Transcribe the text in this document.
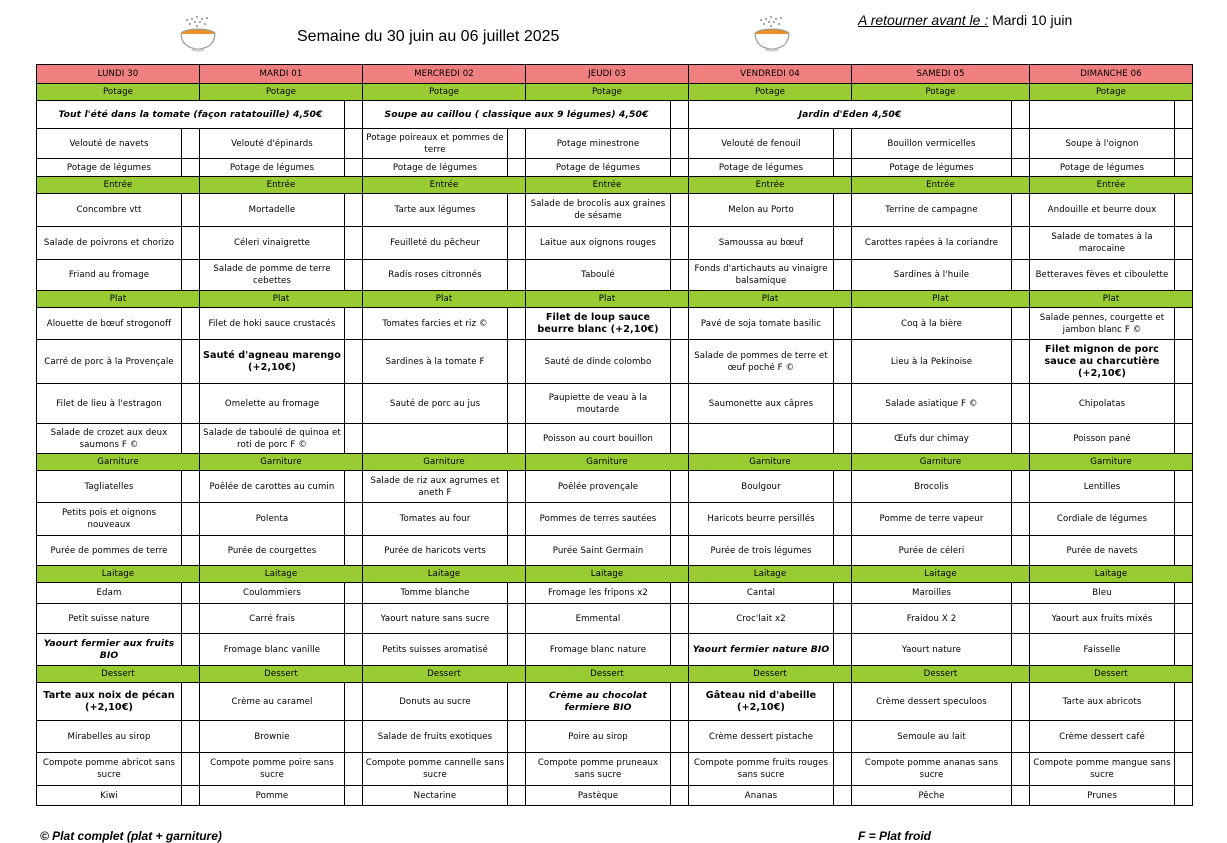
Semaine du 30 juin au 06 juillet 2025
A retourner avant le : Mardi 10 juin
LUNDI 30		MARDI 01		MERCREDI 02		JEUDI 03		VENDREDI 04		SAMEDI 05		DIMANCHE 06	
Potage		Potage		Potage		Potage		Potage		Potage		Potage	
Tout l'été dans la tomate (façon ratatouille) 4,50€				Soupe au caillou ( classique aux 9 légumes) 4,50€				Jardin d'Eden 4,50€					
Velouté de navets		Velouté d'épinards		Potage poireaux et pommes de terre		Potage minestrone		Velouté de fenouil		Bouillon vermicelles		Soupe à l'oignon	
Potage de légumes		Potage de légumes		Potage de légumes		Potage de légumes		Potage de légumes		Potage de légumes		Potage de légumes	
Entrée		Entrée		Entrée		Entrée		Entrée		Entrée		Entrée	
Concombre vtt		Mortadelle		Tarte aux légumes		Salade de brocolis aux graines de sésame		Melon au Porto		Terrine de campagne		Andouille et beurre doux	
Salade de poivrons et chorizo		Céleri vinaigrette		Feuilleté du pêcheur		Laitue aux oignons rouges		Samoussa au bœuf		Carottes rapées à la coriandre		Salade de tomates à la marocaine	
Friand au fromage		Salade de pomme de terre cebettes		Radis roses citronnés		Taboulé		Fonds d'artichauts au vinaigre balsamique		Sardines à l'huile		Betteraves fèves et ciboulette	
Plat		Plat		Plat		Plat		Plat		Plat		Plat	
Alouette de bœuf strogonoff		Filet de hoki sauce crustacés		Tomates farcies et riz ©		Filet de loup sauce beurre blanc (+2,10€)		Pavé de soja tomate basilic		Coq à la bière		Salade pennes, courgette et jambon blanc F ©	
Carré de porc à la Provençale		Sauté d'agneau marengo (+2,10€)		Sardines à la tomate F		Sauté de dinde colombo		Salade de pommes de terre et œuf poché F ©		Lieu à la Pekinoise		Filet mignon de porc sauce au charcutière (+2,10€)	
Filet de lieu à l'estragon		Omelette au fromage		Sauté de porc au jus		Paupiette de veau à la moutarde		Saumonette aux câpres		Salade asiatique F ©		Chipolatas	
Salade de crozet aux deux saumons F ©		Salade de taboulé de quinoa et roti de porc F ©				Poisson au court bouillon				Œufs dur chimay		Poisson pané	
Garniture		Garniture		Garniture		Garniture		Garniture		Garniture		Garniture	
Tagliatelles		Poêlée de carottes au cumin		Salade de riz aux agrumes et aneth F		Poêlée provençale		Boulgour		Brocolis		Lentilles	
Petits pois et oignons nouveaux		Polenta		Tomates au four		Pommes de terres sautées		Haricots beurre persillés		Pomme de terre vapeur		Cordiale de légumes	
Purée de pommes de terre		Purée de courgettes		Purée de haricots verts		Purée Saint Germain		Purée de trois légumes		Purée de céleri		Purée de navets	
Laitage		Laitage		Laitage		Laitage		Laitage		Laitage		Laitage	
Edam		Coulommiers		Tomme blanche		Fromage les fripons x2		Cantal		Maroilles		Bleu	
Petit suisse nature		Carré frais		Yaourt nature sans sucre		Emmental		Croc'lait x2		Fraidou X 2		Yaourt aux fruits mixés	
Yaourt fermier aux fruits BIO		Fromage blanc vanille		Petits suisses aromatisé		Fromage blanc nature		Yaourt fermier nature BIO		Yaourt nature		Faisselle	
Dessert		Dessert		Dessert		Dessert		Dessert		Dessert		Dessert	
Tarte aux noix de pécan (+2,10€)		Crème au caramel		Donuts au sucre		Crème au chocolat fermiere BIO		Gâteau nid d'abeille (+2,10€)		Crème dessert speculoos		Tarte aux abricots	
Mirabelles au sirop		Brownie		Salade de fruits exotiques		Poire au sirop		Crème dessert pistache		Semoule au lait		Crème dessert café	
Compote pomme abricot sans sucre		Compote pomme poire sans sucre		Compote pomme cannelle sans sucre		Compote pomme pruneaux sans sucre		Compote pomme fruits rouges sans sucre		Compote pomme ananas sans sucre		Compote pomme mangue sans sucre	
Kiwi		Pomme		Nectarine		Pastèque		Ananas		Pêche		Prunes	
© Plat complet (plat + garniture)	F = Plat froid
